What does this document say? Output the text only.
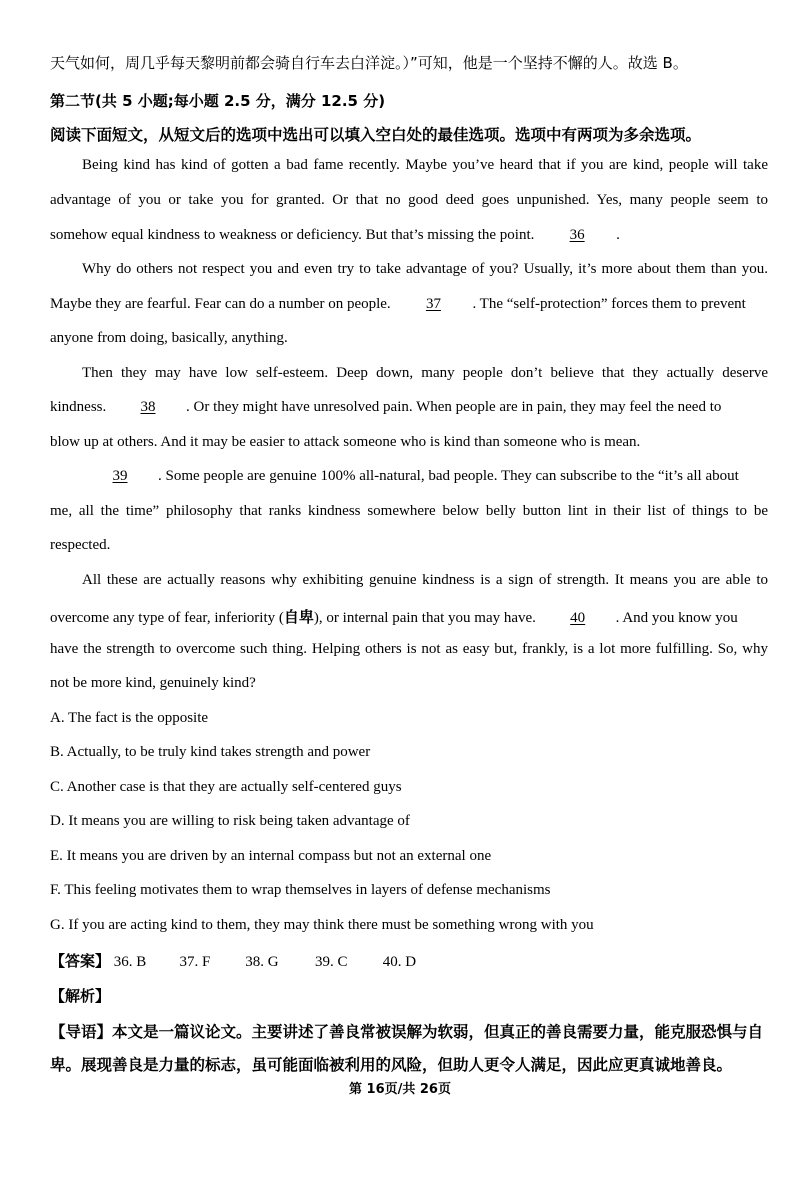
天气如何，周几乎每天黎明前都会骑自行车去白洋淀。）”可知，他是一个坚持不懈的人。故选 B。
第二节(共 5 小题;每小题 2.5 分，满分 12.5 分)
阅读下面短文，从短文后的选项中选出可以填入空白处的最佳选项。选项中有两项为多余选项。
Being kind has kind of gotten a bad fame recently. Maybe you’ve heard that if you are kind, people will take
advantage of you or take you for granted. Or that no good deed goes unpunished. Yes, many people seem to
somehow equal kindness to weakness or deficiency. But that’s missing the point. 36 .
Why do others not respect you and even try to take advantage of you? Usually, it’s more about them than you.
Maybe they are fearful. Fear can do a number on people. 37 . The “self-protection” forces them to prevent
anyone from doing, basically, anything.
Then they may have low self-esteem. Deep down, many people don’t believe that they actually deserve
kindness. 38 . Or they might have unresolved pain. When people are in pain, they may feel the need to
blow up at others. And it may be easier to attack someone who is kind than someone who is mean.
39 . Some people are genuine 100% all-natural, bad people. They can subscribe to the “it’s all about
me, all the time” philosophy that ranks kindness somewhere below belly button lint in their list of things to be
respected.
All these are actually reasons why exhibiting genuine kindness is a sign of strength. It means you are able to
overcome any type of fear, inferiority (自卑), or internal pain that you may have. 40 . And you know you
have the strength to overcome such thing. Helping others is not as easy but, frankly, is a lot more fulfilling. So, why
not be more kind, genuinely kind?
A. The fact is the opposite
B. Actually, to be truly kind takes strength and power
C. Another case is that they are actually self-centered guys
D. It means you are willing to risk being taken advantage of
E. It means you are driven by an internal compass but not an external one
F. This feeling motivates them to wrap themselves in layers of defense mechanisms
G. If you are acting kind to them, they may think there must be something wrong with you
【答案】 36. B 37. F 38. G 39. C 40. D
【解析】
【导语】本文是一篇议论文。主要讲述了善良常被误解为软弱，但真正的善良需要力量，能克服恐惧与自
卑。展现善良是力量的标志，虽可能面临被利用的风险，但助人更令人满足，因此应更真诚地善良。
第 16页/共 26页
